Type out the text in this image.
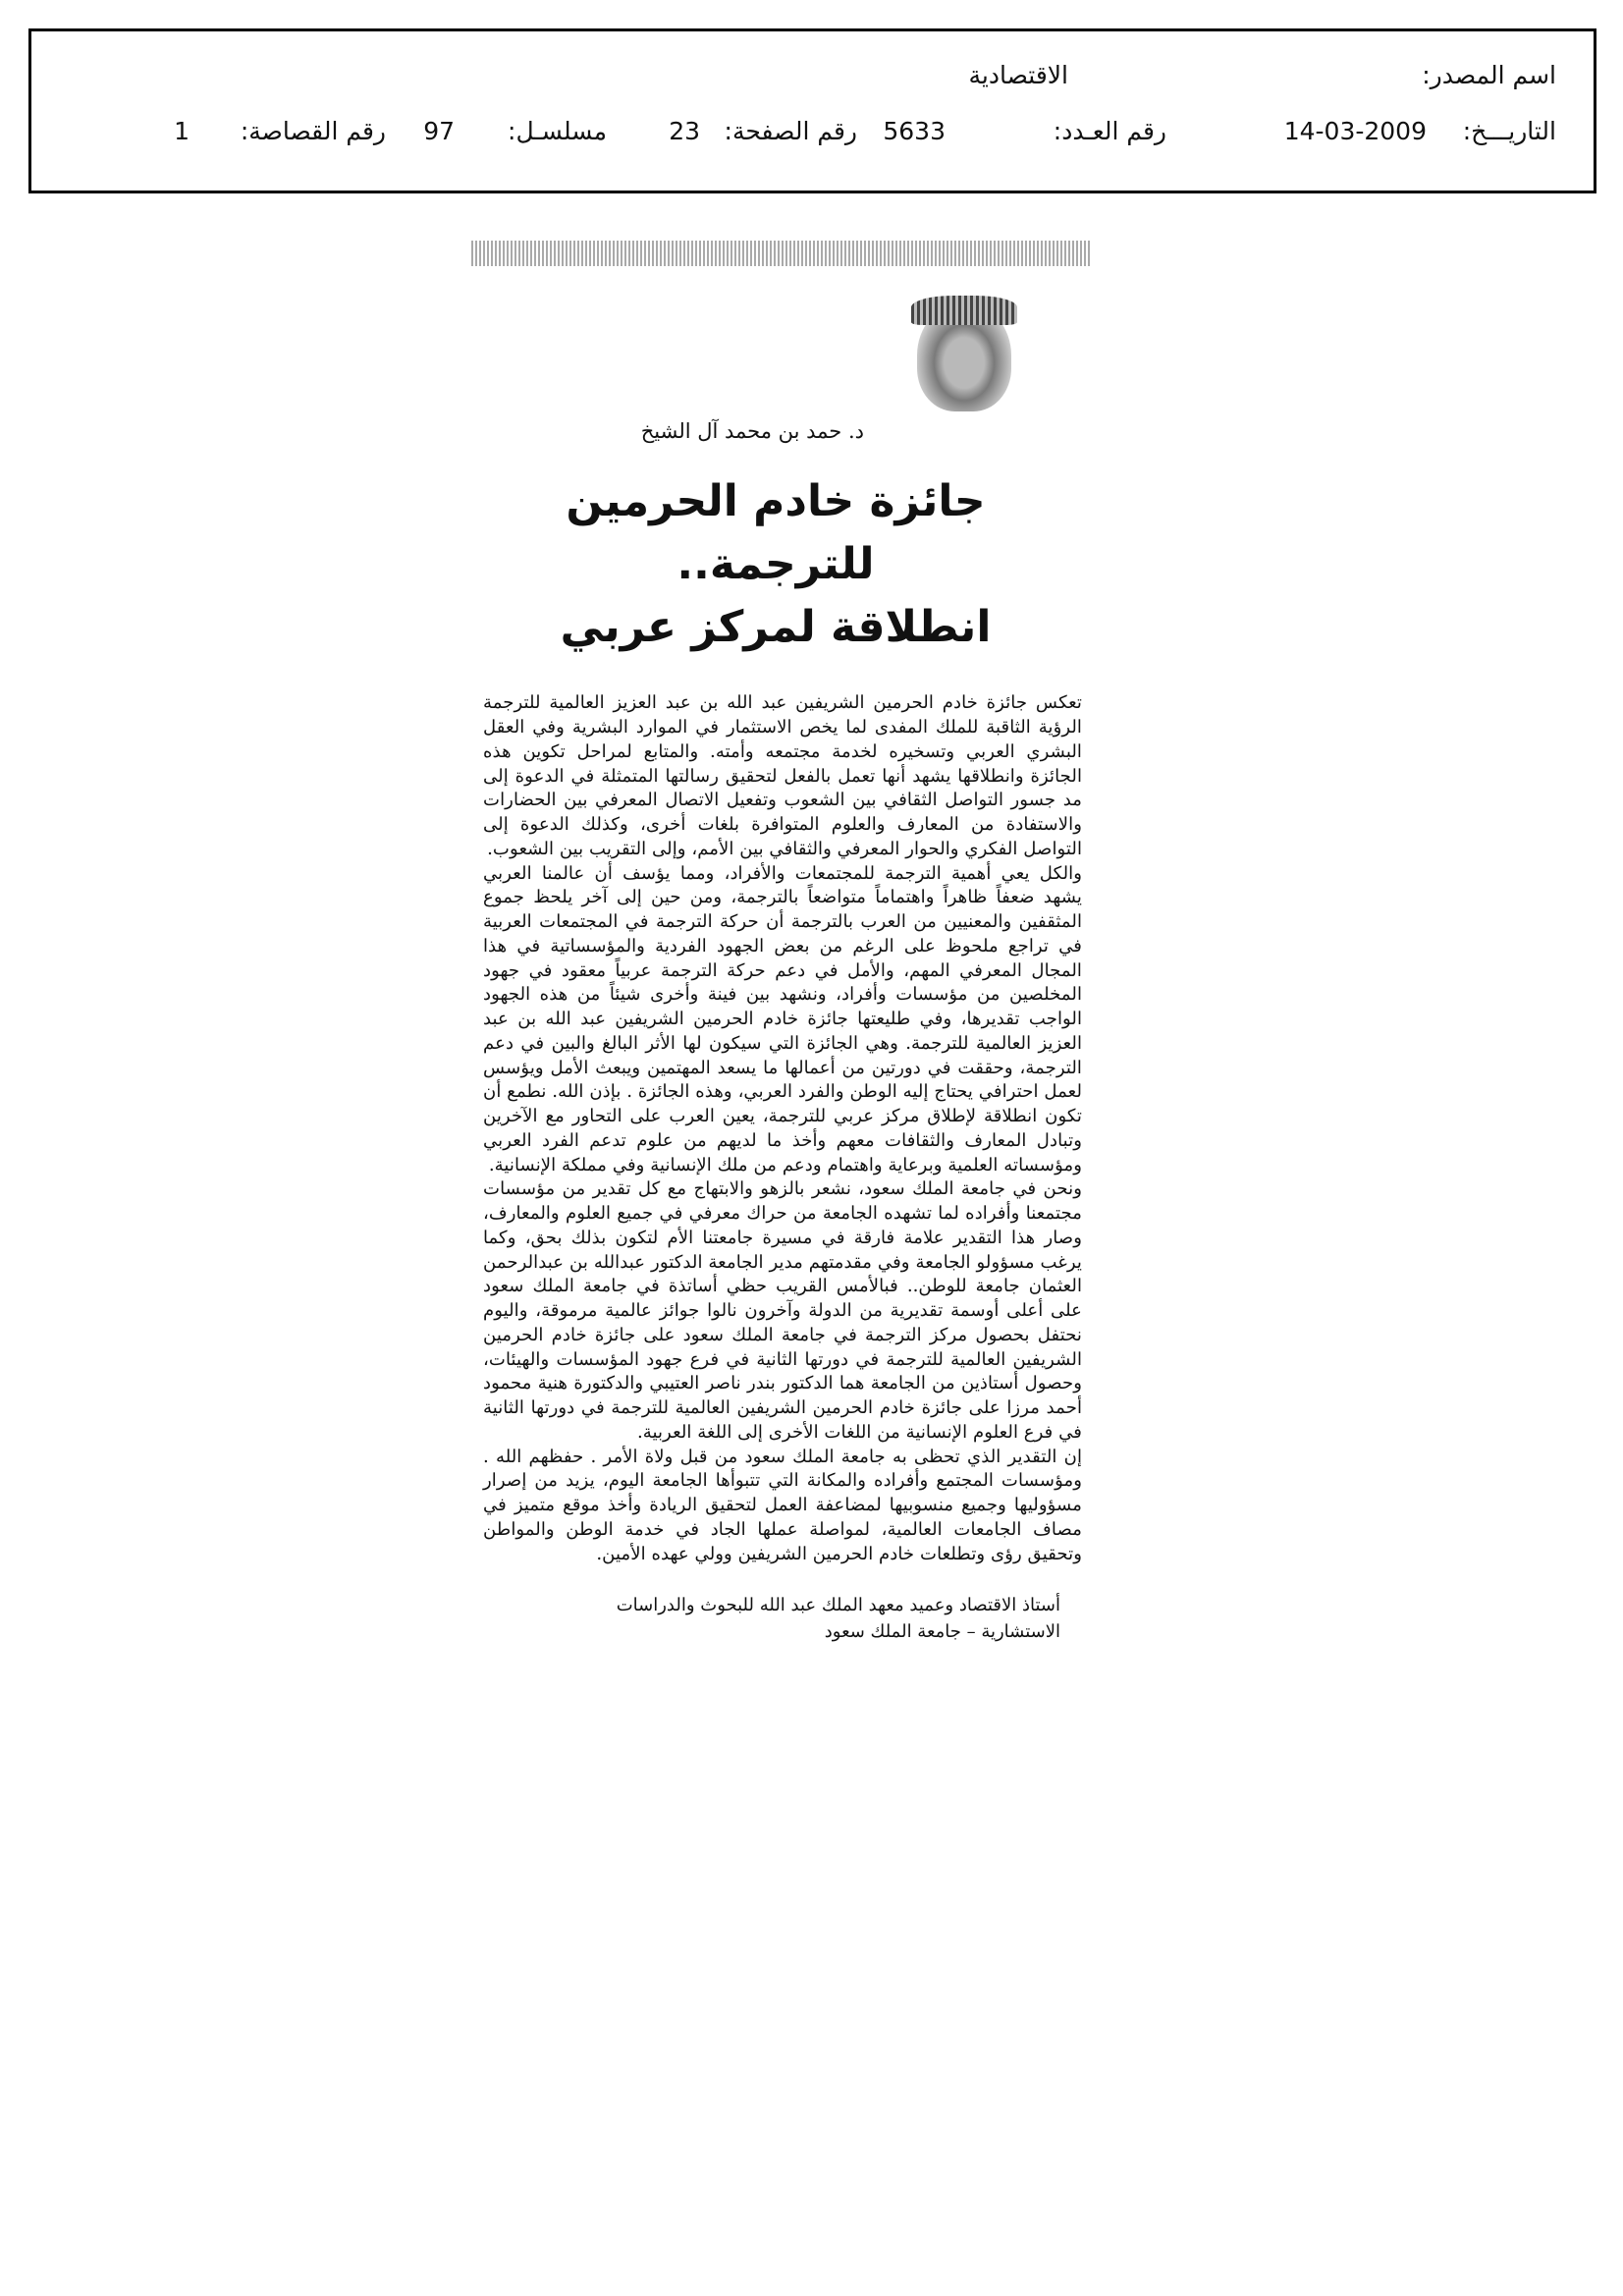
اسم المصدر:
الاقتصادية
التاريـــخ:
14-03-2009
رقم العـدد:
5633
رقم الصفحة:
23
مسلسـل:
97
رقم القصاصة:
1
د. حمد بن محمد آل الشيخ
جائزة خادم الحرمين للترجمة..
انطلاقة لمركز عربي

تعكس جائزة خادم الحرمين الشريفين عبد الله بن عبد العزيز العالمية للترجمة الرؤية الثاقبة للملك المفدى لما يخص الاستثمار في الموارد البشرية وفي العقل البشري العربي وتسخيره لخدمة مجتمعه وأمته. والمتابع لمراحل تكوين هذه الجائزة وانطلاقها يشهد أنها تعمل بالفعل لتحقيق رسالتها المتمثلة في الدعوة إلى مد جسور التواصل الثقافي بين الشعوب وتفعيل الاتصال المعرفي بين الحضارات والاستفادة من المعارف والعلوم المتوافرة بلغات أخرى، وكذلك الدعوة إلى التواصل الفكري والحوار المعرفي والثقافي بين الأمم، وإلى التقريب بين الشعوب.

والكل يعي أهمية الترجمة للمجتمعات والأفراد، ومما يؤسف أن عالمنا العربي يشهد ضعفاً ظاهراً واهتماماً متواضعاً بالترجمة، ومن حين إلى آخر يلحظ جموع المثقفين والمعنيين من العرب بالترجمة أن حركة الترجمة في المجتمعات العربية في تراجع ملحوظ على الرغم من بعض الجهود الفردية والمؤسساتية في هذا المجال المعرفي المهم، والأمل في دعم حركة الترجمة عربياً معقود في جهود المخلصين من مؤسسات وأفراد، ونشهد بين فينة وأخرى شيئاً من هذه الجهود الواجب تقديرها، وفي طليعتها جائزة خادم الحرمين الشريفين عبد الله بن عبد العزيز العالمية للترجمة. وهي الجائزة التي سيكون لها الأثر البالغ والبين في دعم الترجمة، وحققت في دورتين من أعمالها ما يسعد المهتمين ويبعث الأمل ويؤسس لعمل احترافي يحتاج إليه الوطن والفرد العربي، وهذه الجائزة . بإذن الله. نطمع أن تكون انطلاقة لإطلاق مركز عربي للترجمة، يعين العرب على التحاور مع الآخرين وتبادل المعارف والثقافات معهم وأخذ ما لديهم من علوم تدعم الفرد العربي ومؤسساته العلمية وبرعاية واهتمام ودعم من ملك الإنسانية وفي مملكة الإنسانية.

ونحن في جامعة الملك سعود، نشعر بالزهو والابتهاج مع كل تقدير من مؤسسات مجتمعنا وأفراده لما تشهده الجامعة من حراك معرفي في جميع العلوم والمعارف، وصار هذا التقدير علامة فارقة في مسيرة جامعتنا الأم لتكون بذلك بحق، وكما يرغب مسؤولو الجامعة وفي مقدمتهم مدير الجامعة الدكتور عبدالله بن عبدالرحمن العثمان جامعة للوطن.. فبالأمس القريب حظي أساتذة في جامعة الملك سعود على أعلى أوسمة تقديرية من الدولة وآخرون نالوا جوائز عالمية مرموقة، واليوم نحتفل بحصول مركز الترجمة في جامعة الملك سعود على جائزة خادم الحرمين الشريفين العالمية للترجمة في دورتها الثانية في فرع جهود المؤسسات والهيئات، وحصول أستاذين من الجامعة هما الدكتور بندر ناصر العتيبي والدكتورة هنية محمود أحمد مرزا على جائزة خادم الحرمين الشريفين العالمية للترجمة في دورتها الثانية في فرع العلوم الإنسانية من اللغات الأخرى إلى اللغة العربية.

إن التقدير الذي تحظى به جامعة الملك سعود من قبل ولاة الأمر . حفظهم الله . ومؤسسات المجتمع وأفراده والمكانة التي تتبوأها الجامعة اليوم، يزيد من إصرار مسؤوليها وجميع منسوبيها لمضاعفة العمل لتحقيق الريادة وأخذ موقع متميز في مصاف الجامعات العالمية، لمواصلة عملها الجاد في خدمة الوطن والمواطن وتحقيق رؤى وتطلعات خادم الحرمين الشريفين وولي عهده الأمين.

أستاذ الاقتصاد وعميد معهد الملك عبد الله للبحوث والدراسات
الاستشارية – جامعة الملك سعود
